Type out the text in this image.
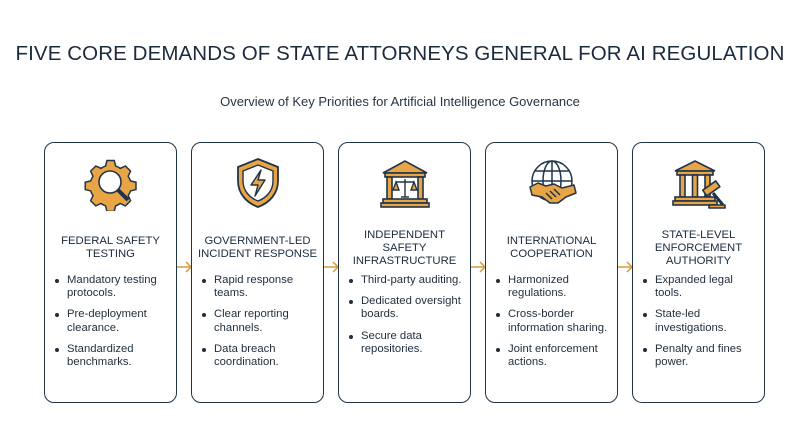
FIVE CORE DEMANDS OF STATE ATTORNEYS GENERAL FOR AI REGULATION
Overview of Key Priorities for Artificial Intelligence Governance
FEDERAL SAFETY TESTING
Mandatory testing protocols.
Pre-deployment clearance.
Standardized benchmarks.
GOVERNMENT-LED INCIDENT RESPONSE
Rapid response teams.
Clear reporting channels.
Data breach coordination.
INDEPENDENT SAFETY INFRASTRUCTURE
Third-party auditing.
Dedicated oversight boards.
Secure data repositories.
INTERNATIONAL COOPERATION
Harmonized regulations.
Cross-border information sharing.
Joint enforcement actions.
STATE-LEVEL ENFORCEMENT AUTHORITY
Expanded legal tools.
State-led investigations.
Penalty and fines power.
